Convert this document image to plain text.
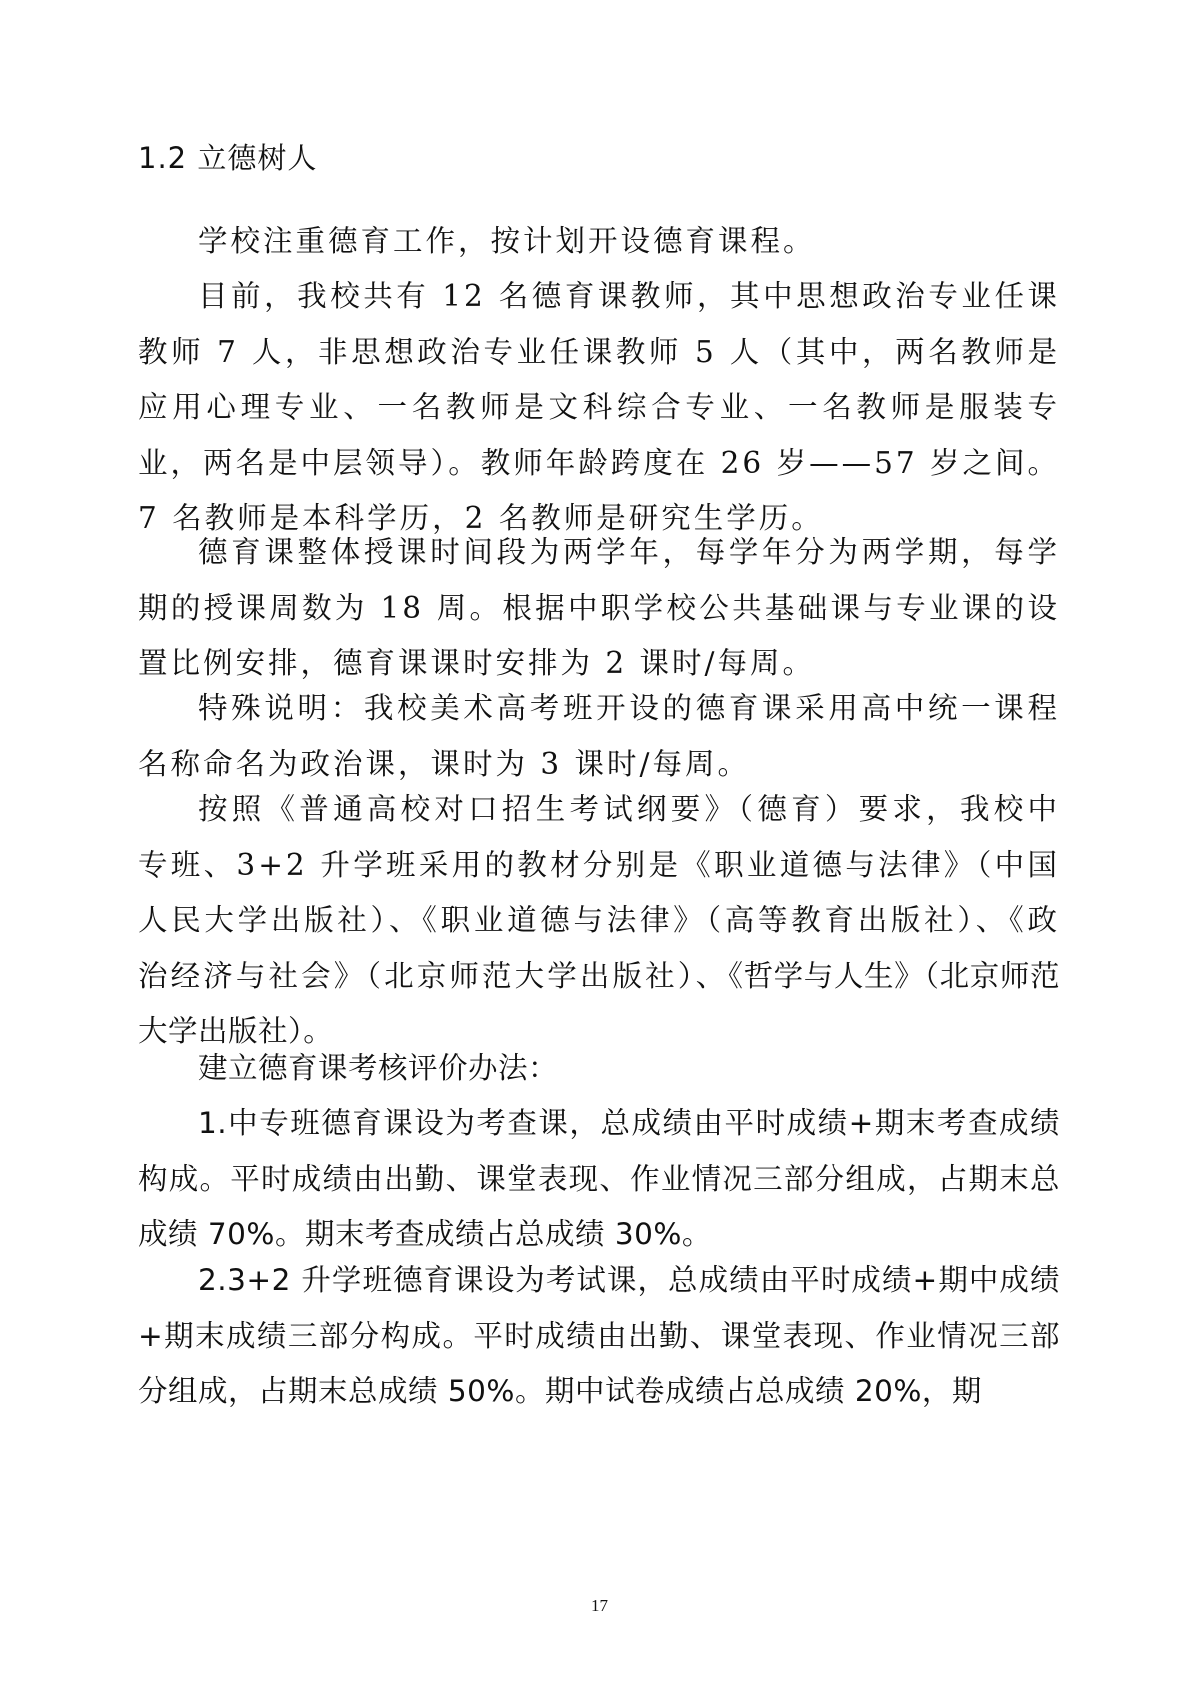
1.2 立德树人

学校注重德育工作，按计划开设德育课程。

目前，我校共有 12 名德育课教师，其中思想政治专业任课教师 7 人，非思想政治专业任课教师 5 人（其中，两名教师是应用心理专业、一名教师是文科综合专业、一名教师是服装专业，两名是中层领导）。教师年龄跨度在 26 岁——57 岁之间。7 名教师是本科学历，2 名教师是研究生学历。

德育课整体授课时间段为两学年，每学年分为两学期，每学期的授课周数为 18 周。根据中职学校公共基础课与专业课的设置比例安排，德育课课时安排为 2 课时/每周。

特殊说明：我校美术高考班开设的德育课采用高中统一课程名称命名为政治课，课时为 3 课时/每周。

按照《普通高校对口招生考试纲要》（德育）要求，我校中专班、3+2 升学班采用的教材分别是《职业道德与法律》（中国人民大学出版社）、《职业道德与法律》（高等教育出版社）、《政治经济与社会》（北京师范大学出版社）、《哲学与人生》（北京师范大学出版社）。

建立德育课考核评价办法：

1.中专班德育课设为考查课，总成绩由平时成绩+期末考查成绩构成。平时成绩由出勤、课堂表现、作业情况三部分组成，占期末总成绩 70%。期末考查成绩占总成绩 30%。

2.3+2 升学班德育课设为考试课，总成绩由平时成绩+期中成绩+期末成绩三部分构成。平时成绩由出勤、课堂表现、作业情况三部分组成，占期末总成绩 50%。期中试卷成绩占总成绩 20%，期

17
